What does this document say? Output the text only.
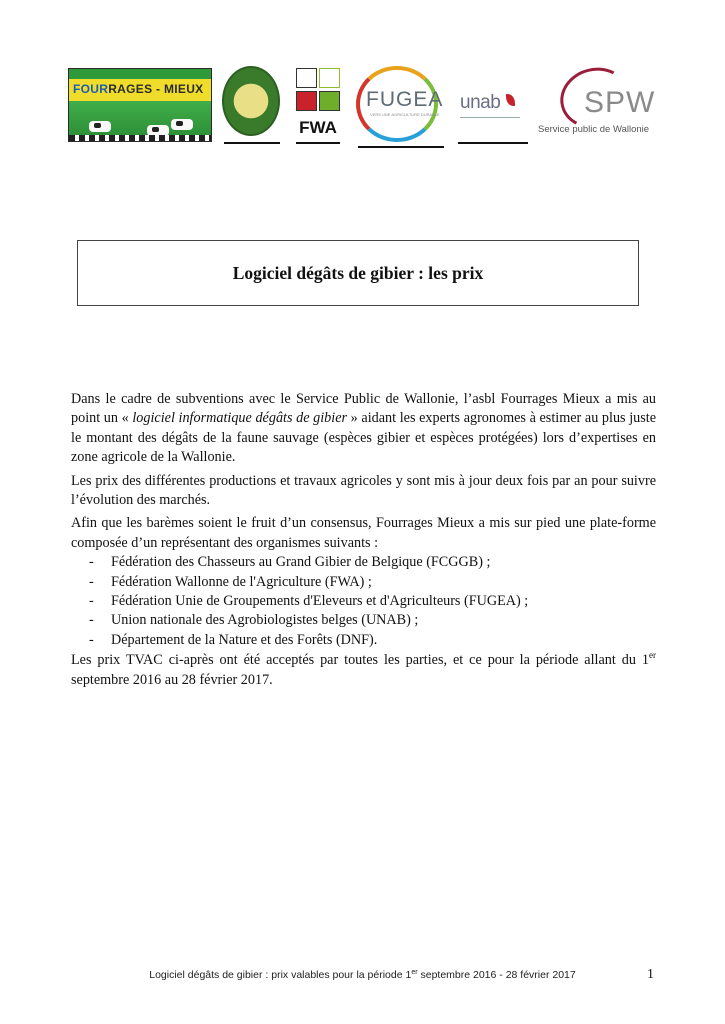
FOURRAGES - MIEUX
FWA
FUGEA
VERS UNE AGRICULTURE DURABLE
unab	SPW
Service public de Wallonie
Logiciel dégâts de gibier : les prix

Dans le cadre de subventions avec le Service Public de Wallonie, l’asbl Fourrages Mieux a mis au point un « logiciel informatique dégâts de gibier » aidant les experts agronomes à estimer au plus juste le montant des dégâts de la faune sauvage (espèces gibier et espèces protégées) lors d’expertises en zone agricole de la Wallonie.

Les prix des différentes productions et travaux agricoles y sont mis à jour deux fois par an pour suivre l’évolution des marchés.

Afin que les barèmes soient le fruit d’un consensus, Fourrages Mieux a mis sur pied une plate-forme composée d’un représentant des organismes suivants :

- Fédération des Chasseurs au Grand Gibier de Belgique (FCGGB) ;
- Fédération Wallonne de l'Agriculture (FWA) ;
- Fédération Unie de Groupements d'Eleveurs et d'Agriculteurs (FUGEA) ;
- Union nationale des Agrobiologistes belges (UNAB) ;
- Département de la Nature et des Forêts (DNF).

Les prix TVAC ci-après ont été acceptés par toutes les parties, et ce pour la période allant du 1er septembre 2016 au 28 février 2017.

Logiciel dégâts de gibier : prix valables pour la période 1er septembre 2016 - 28 février 2017	1
